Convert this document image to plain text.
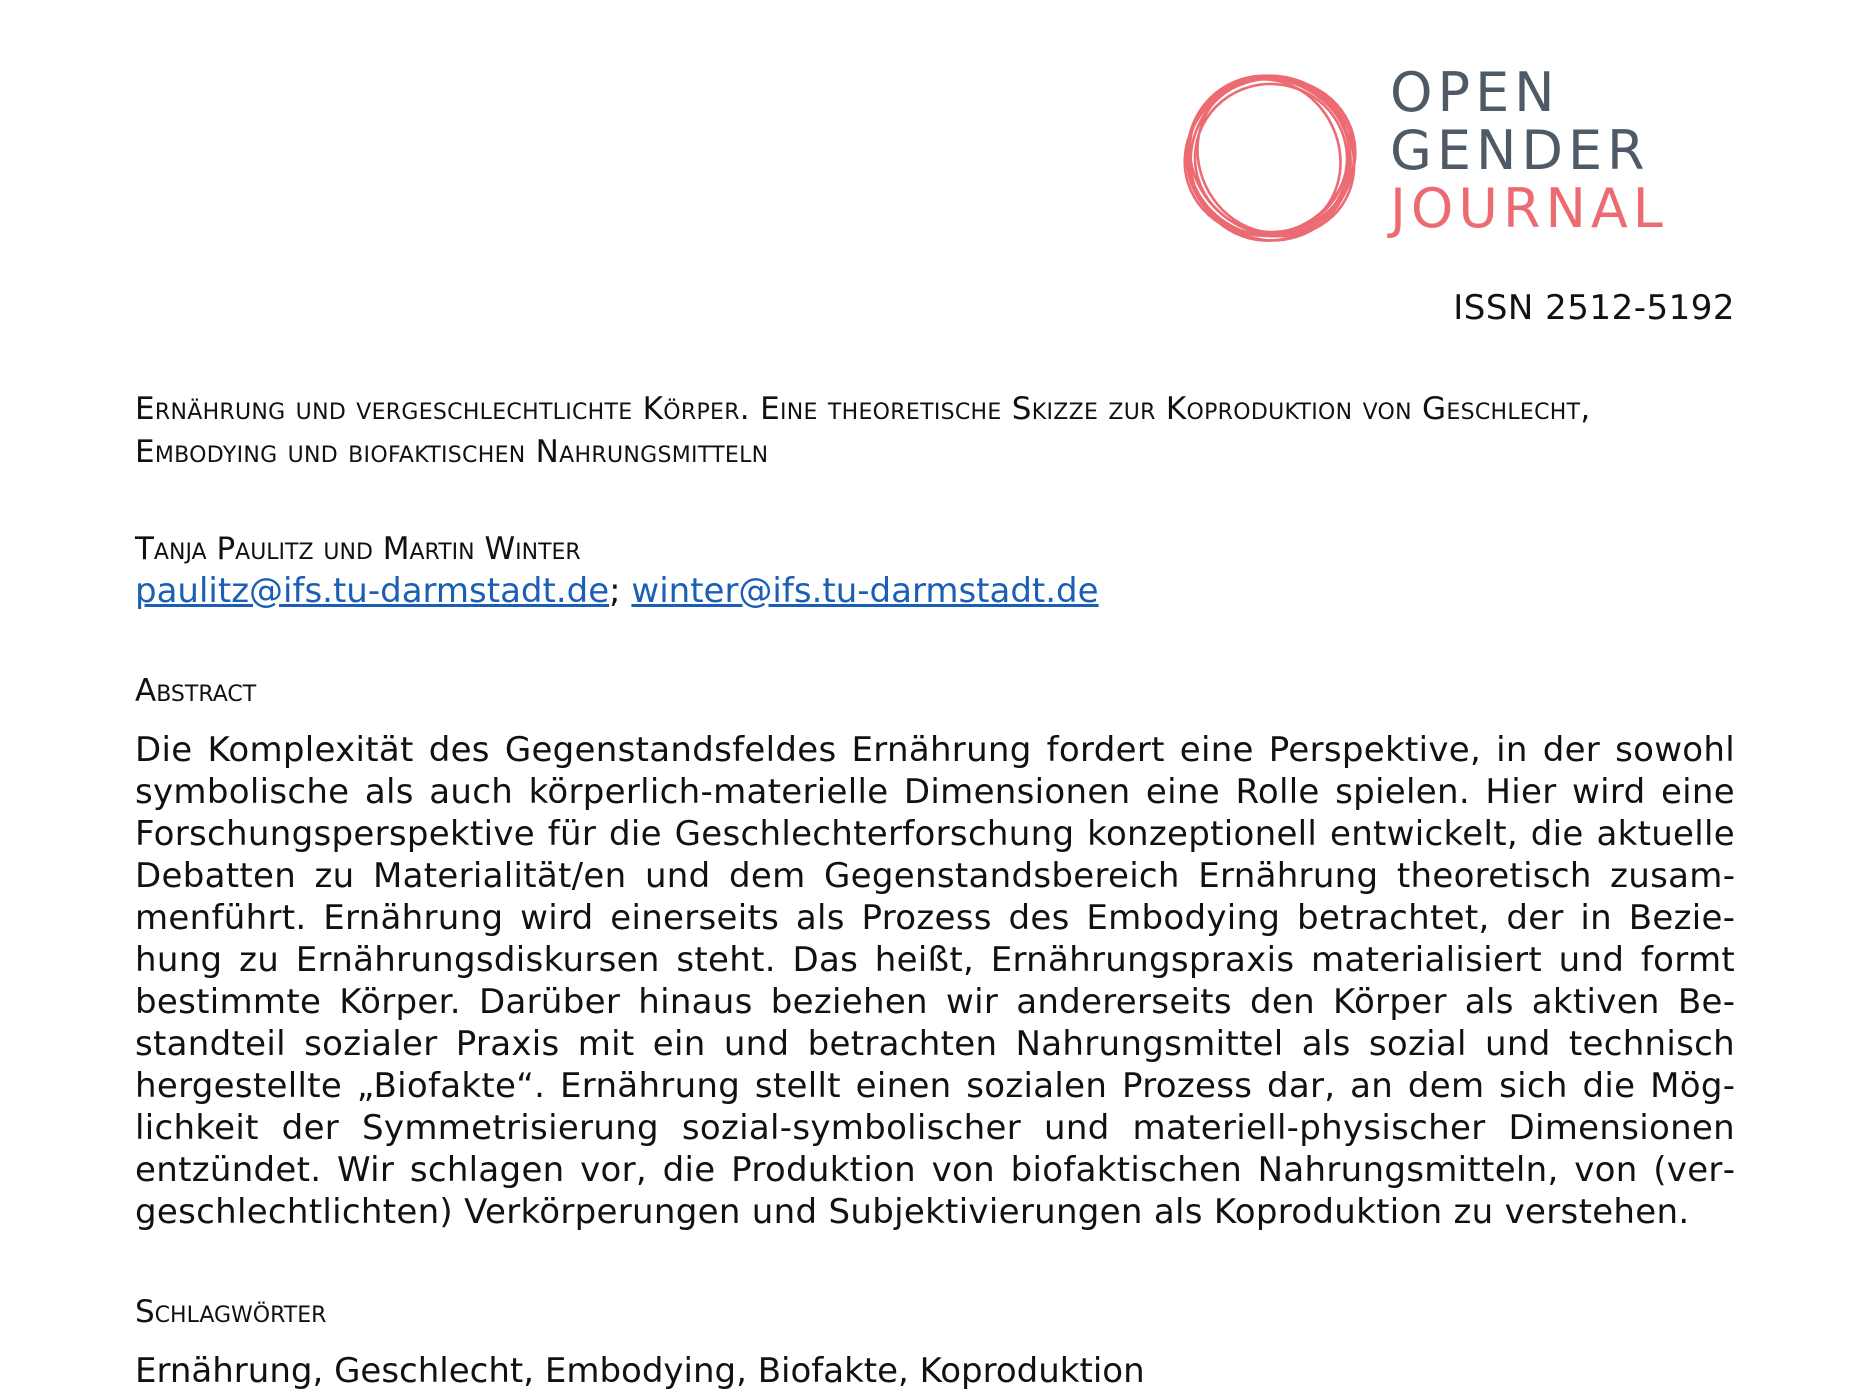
OPEN
GENDER
JOURNAL
ISSN 2512-5192
Ernährung und vergeschlechtlichte Körper. Eine theoretische Skizze zur Koproduktion von Geschlecht, Embodying und biofaktischen Nahrungsmitteln
Tanja Paulitz und Martin Winter
paulitz@ifs.tu-darmstadt.de; winter@ifs.tu-darmstadt.de
Abstract
Die Komplexität des Gegenstandsfeldes Ernährung fordert eine Perspektive, in der sowohl symbolische als auch körperlich-materielle Dimensionen eine Rolle spielen. Hier wird eine Forschungsperspektive für die Geschlechterforschung konzeptionell entwickelt, die aktuelle Debatten zu Materialität/en und dem Gegenstandsbereich Ernährung theoretisch zusammenführt. Ernährung wird einerseits als Prozess des Embodying betrachtet, der in Beziehung zu Ernährungsdiskursen steht. Das heißt, Ernährungspraxis materialisiert und formt bestimmte Körper. Darüber hinaus beziehen wir andererseits den Körper als aktiven Bestandteil sozialer Praxis mit ein und betrachten Nahrungsmittel als sozial und technisch hergestellte „Biofakte“. Ernährung stellt einen sozialen Prozess dar, an dem sich die Möglichkeit der Symmetrisierung sozial-symbolischer und materiell-physischer Dimensionen entzündet. Wir schlagen vor, die Produktion von biofaktischen Nahrungsmitteln, von (vergeschlechtlichten) Verkörperungen und Subjektivierungen als Koproduktion zu verstehen.
Schlagwörter
Ernährung, Geschlecht, Embodying, Biofakte, Koproduktion
